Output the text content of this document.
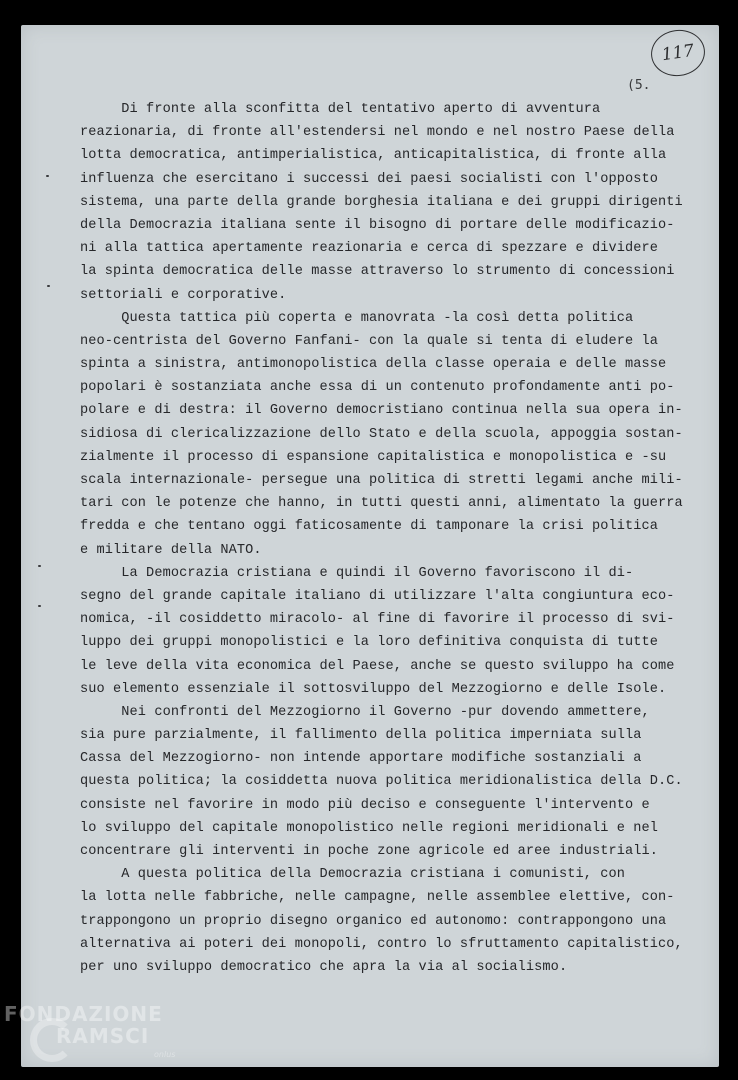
117
(5 .
Di fronte alla sconfitta del tentativo aperto di avventura
reazionaria, di fronte all'estendersi nel mondo e nel nostro Paese della
lotta democratica, antimperialistica, anticapitalistica, di fronte alla
influenza che esercitano i successi dei paesi socialisti con l'opposto
sistema, una parte della grande borghesia italiana e dei gruppi dirigenti
della Democrazia italiana sente il bisogno di portare delle modificazio-
ni alla tattica apertamente reazionaria e cerca di spezzare e dividere
la spinta democratica delle masse attraverso lo strumento di concessioni
settoriali e corporative.
Questa tattica più coperta e manovrata -la così detta politica
neo-centrista del Governo Fanfani- con la quale si tenta di eludere la
spinta a sinistra, antimonopolistica della classe operaia e delle masse
popolari è sostanziata anche essa di un contenuto profondamente anti po-
polare e di destra: il Governo democristiano continua nella sua opera in-
sidiosa di clericalizzazione dello Stato e della scuola, appoggia sostan-
zialmente il processo di espansione capitalistica e monopolistica e -su
scala internazionale- persegue una politica di stretti legami anche mili-
tari con le potenze che hanno, in tutti questi anni, alimentato la guerra
fredda e che tentano oggi faticosamente di tamponare la crisi politica
e militare della NATO.
La Democrazia cristiana e quindi il Governo favoriscono il di-
segno del grande capitale italiano di utilizzare l'alta congiuntura eco-
nomica, -il cosiddetto miracolo- al fine di favorire il processo di svi-
luppo dei gruppi monopolistici e la loro definitiva conquista di tutte
le leve della vita economica del Paese, anche se questo sviluppo ha come
suo elemento essenziale il sottosviluppo del Mezzogiorno e delle Isole.
Nei confronti del Mezzogiorno il Governo -pur dovendo ammettere,
sia pure parzialmente, il fallimento della politica imperniata sulla
Cassa del Mezzogiorno- non intende apportare modifiche sostanziali a
questa politica; la cosiddetta nuova politica meridionalistica della D.C.
consiste nel favorire in modo più deciso e conseguente l'intervento e
lo sviluppo del capitale monopolistico nelle regioni meridionali e nel
concentrare gli interventi in poche zone agricole ed aree industriali.
A questa politica della Democrazia cristiana i comunisti, con
la lotta nelle fabbriche, nelle campagne, nelle assemblee elettive, con-
trappongono un proprio disegno organico ed autonomo: contrappongono una
alternativa ai poteri dei monopoli, contro lo sfruttamento capitalistico,
per uno sviluppo democratico che apra la via al socialismo.
FONDAZIONE
RAMSCI
onlus
